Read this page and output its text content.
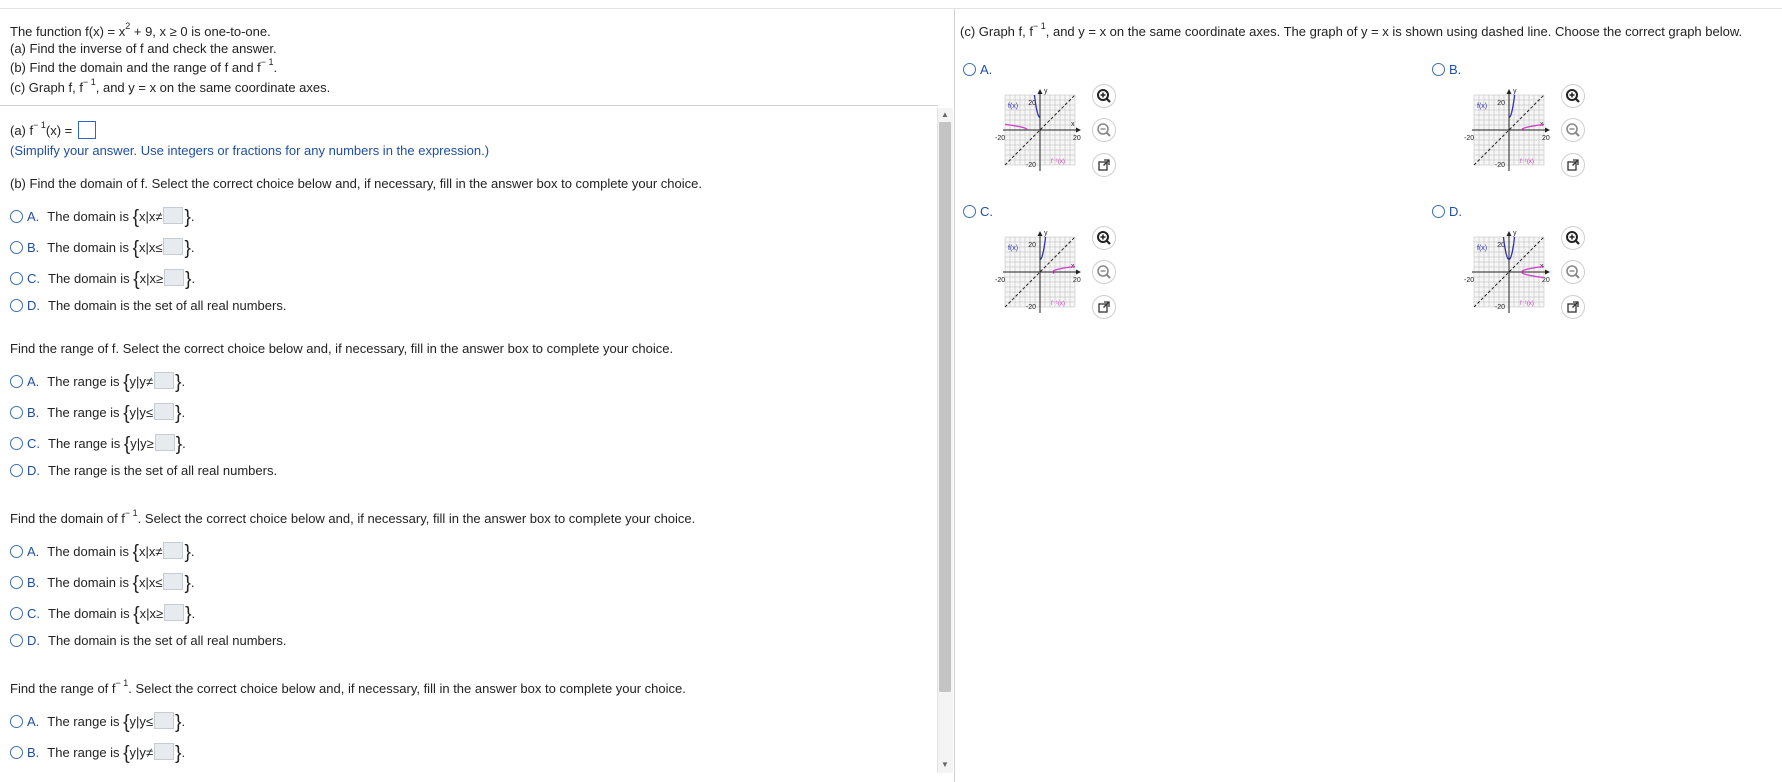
The function $f(x) = x^2 + 9$, x ≥ 0 is one-to-one.
(a) Find the inverse of f and check the answer.
(b) Find the domain and the range of f and $f^{- 1}$.
(c) Graph f, $f^{- 1}$, and y = x on the same coordinate axes.
(a) $f^{- 1}(x)$ =
(Simplify your answer. Use integers or fractions for any numbers in the expression.)
(b) Find the domain of f. Select the correct choice below and, if necessary, fill in the answer box to complete your choice.
A. The domain is {x|x≠ }.
B. The domain is {x|x≤ }.
C. The domain is {x|x≥ }.
D. The domain is the set of all real numbers.
Find the range of f. Select the correct choice below and, if necessary, fill in the answer box to complete your choice.
A. The range is {y|y≠ }.
B. The range is {y|y≤ }.
C. The range is {y|y≥ }.
D. The range is the set of all real numbers.
Find the domain of $f^{- 1}$. Select the correct choice below and, if necessary, fill in the answer box to complete your choice.
A. The domain is {x|x≠ }.
B. The domain is {x|x≤ }.
C. The domain is {x|x≥ }.
D. The domain is the set of all real numbers.
Find the range of $f^{- 1}$. Select the correct choice below and, if necessary, fill in the answer box to complete your choice.
A. The range is {y|y≤ }.
B. The range is {y|y≠ }.
▲
▼
(c) Graph f, $f^{- 1}$, and y = x on the same coordinate axes. The graph of y = x is shown using dashed line. Choose the correct graph below.
A.
y
x
20
-20
-20	20
f(x)
f⁻¹(x)
B.
y
x
20
-20
-20	20
f(x)
f⁻¹(x)
C.
y
x
20
-20
-20	20
f(x)
f⁻¹(x)
D.
y
x
20
-20
-20	20
f(x)
f⁻¹(x)
